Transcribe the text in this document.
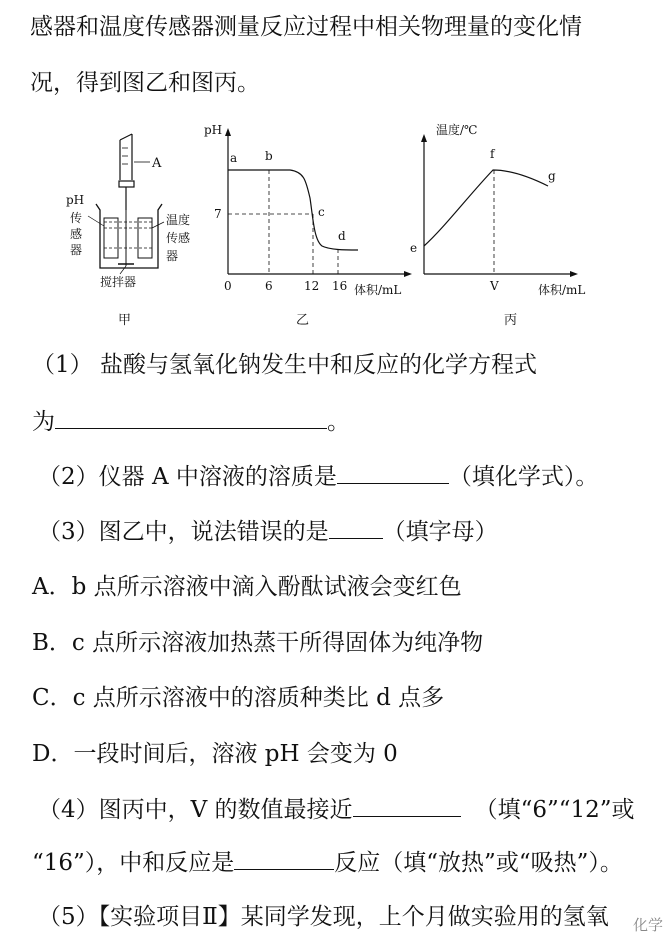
感器和温度传感器测量反应过程中相关物理量的变化情
况，得到图乙和图丙。
A
pH
传
感
器
温度
传感
器
搅拌器
甲
pH
体积/mL
7
0	6	12 16
a b
c
d
乙
温度/℃
体积/mL
V
e
f
g
丙
（1） 盐酸与氢氧化钠发生中和反应的化学方程式
为	。
（2）仪器 A 中溶液的溶质是	（填化学式）。
（3）图乙中，说法错误的是 （填字母）
A．b 点所示溶液中滴入酚酞试液会变红色
B．c 点所示溶液加热蒸干所得固体为纯净物
C．c 点所示溶液中的溶质种类比 d 点多
D．一段时间后，溶液 pH 会变为 0
（4）图丙中，V 的数值最接近	（填“6”“12”或
“16”），中和反应是	反应（填“放热”或“吸热”）。
（5）【实验项目Ⅱ】某同学发现，上个月做实验用的氢氧 化学
